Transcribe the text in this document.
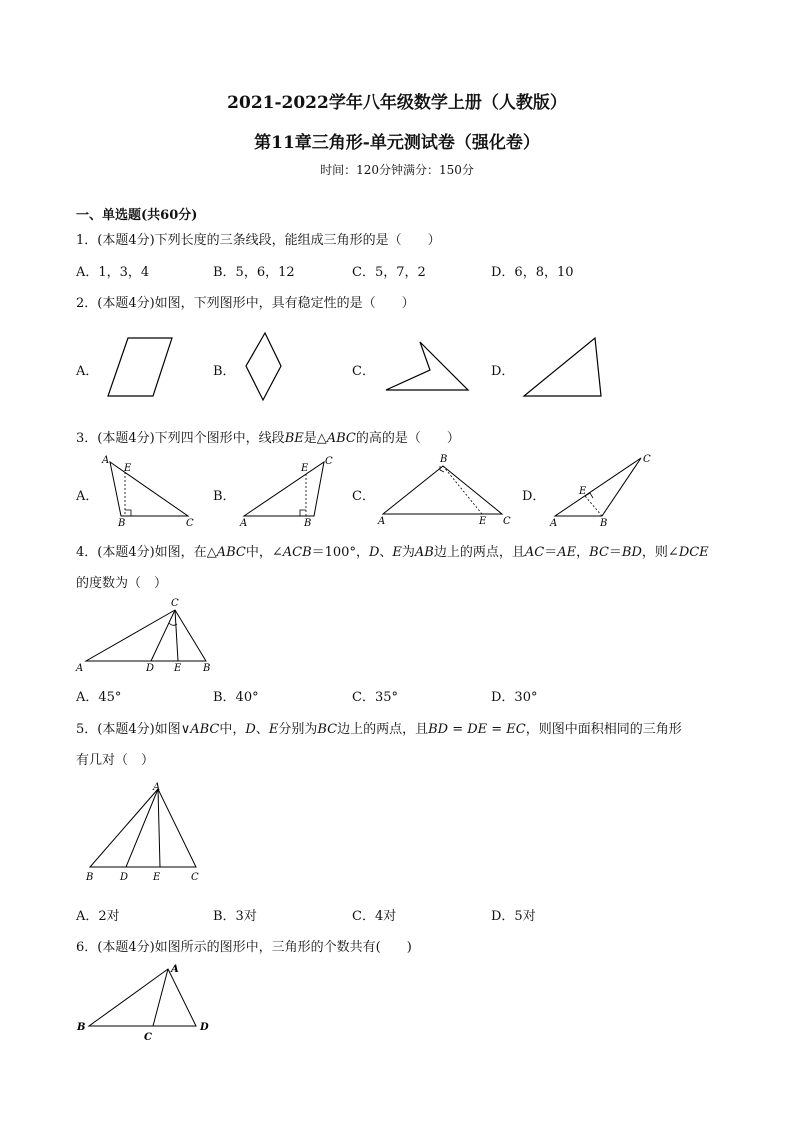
2021-2022学年八年级数学上册（人教版）
第11章三角形-单元测试卷（强化卷）
时间：120分钟满分：150分
一、单选题(共60分)
1．(本题4分)下列长度的三条线段，能组成三角形的是（　　）
A．1，3，4	B．5，6，12	C．5，7，2	D．6，8，10
2．(本题4分)如图，下列图形中，具有稳定性的是（　　）
A．	B．	C．	D．
3．(本题4分)下列四个图形中，线段BE是△ABC的高的是（　　）
A．	B．	C．	D．
A
E
B	C
E
C
A	B
B
A	E C
C
E
A	B
4．(本题4分)如图，在△ABC中，∠ACB＝100°，D、E为AB边上的两点，且AC＝AE，BC＝BD，则∠DCE
的度数为（　）
C
A	D E B
A．45°	B．40°	C．35°	D．30°
5．(本题4分)如图∨ABC中，D、E分别为BC边上的两点，且BD = DE = EC，则图中面积相同的三角形
有几对（　）
A
B	D E	C
A．2对	B．3对	C．4对	D．5对
6．(本题4分)如图所示的图形中，三角形的个数共有(　　)
A
B
C
D
